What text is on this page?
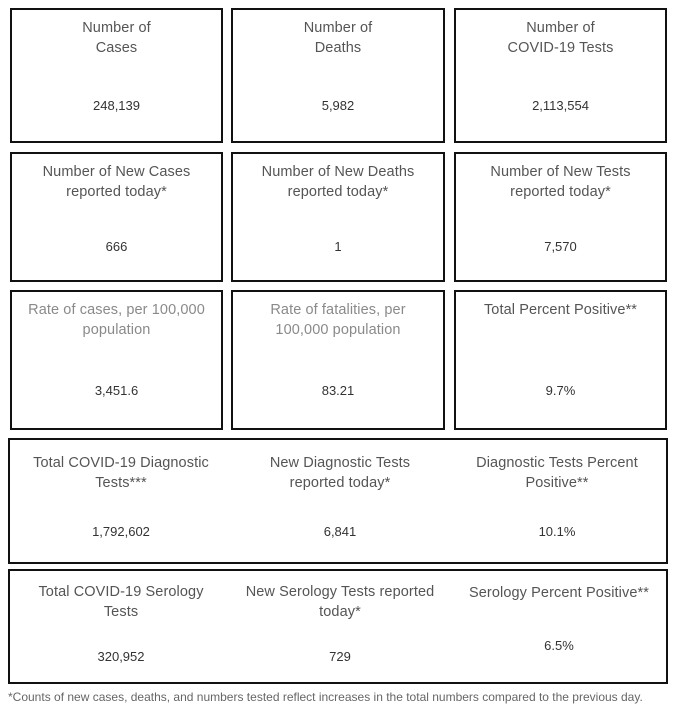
Number of
Cases
248,139
Number of
Deaths
5,982
Number of
COVID-19 Tests
2,113,554
Number of New Cases
reported today*
666
Number of New Deaths
reported today*
1
Number of New Tests
reported today*
7,570
Rate of cases, per 100,000
population
3,451.6
Rate of fatalities, per
100,000 population
83.21
Total Percent Positive**
9.7%
Total COVID-19 Diagnostic
Tests***
1,792,602
New Diagnostic Tests
reported today*
6,841
Diagnostic Tests Percent
Positive**
10.1%
Total COVID-19 Serology
Tests
320,952
New Serology Tests reported
today*
729
Serology Percent Positive**
6.5%
*Counts of new cases, deaths, and numbers tested reflect increases in the total numbers compared to the previous day.
